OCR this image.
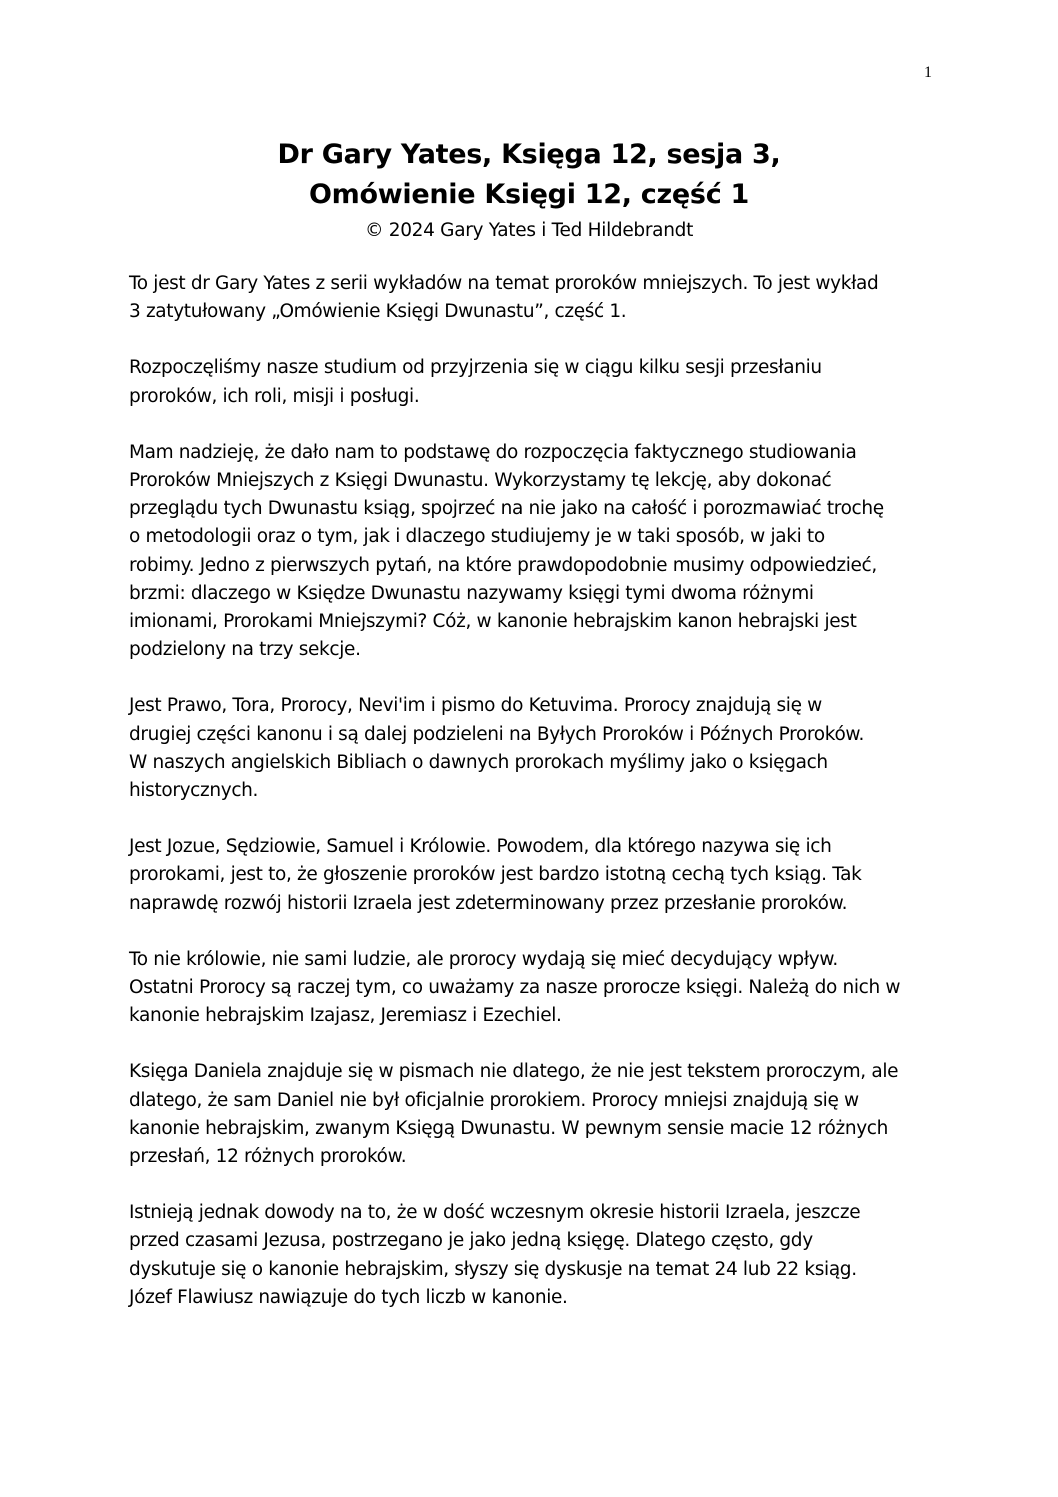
1
Dr Gary Yates, Księga 12, sesja 3,
Omówienie Księgi 12, część 1
© 2024 Gary Yates i Ted Hildebrandt

To jest dr Gary Yates z serii wykładów na temat proroków mniejszych. To jest wykład
3 zatytułowany „Omówienie Księgi Dwunastu”, część 1.

Rozpoczęliśmy nasze studium od przyjrzenia się w ciągu kilku sesji przesłaniu
proroków, ich roli, misji i posługi.

Mam nadzieję, że dało nam to podstawę do rozpoczęcia faktycznego studiowania
Proroków Mniejszych z Księgi Dwunastu. Wykorzystamy tę lekcję, aby dokonać
przeglądu tych Dwunastu ksiąg, spojrzeć na nie jako na całość i porozmawiać trochę
o metodologii oraz o tym, jak i dlaczego studiujemy je w taki sposób, w jaki to
robimy. Jedno z pierwszych pytań, na które prawdopodobnie musimy odpowiedzieć,
brzmi: dlaczego w Księdze Dwunastu nazywamy księgi tymi dwoma różnymi
imionami, Prorokami Mniejszymi? Cóż, w kanonie hebrajskim kanon hebrajski jest
podzielony na trzy sekcje.

Jest Prawo, Tora, Prorocy, Nevi'im i pismo do Ketuvima. Prorocy znajdują się w
drugiej części kanonu i są dalej podzieleni na Byłych Proroków i Późnych Proroków.
W naszych angielskich Bibliach o dawnych prorokach myślimy jako o księgach
historycznych.

Jest Jozue, Sędziowie, Samuel i Królowie. Powodem, dla którego nazywa się ich
prorokami, jest to, że głoszenie proroków jest bardzo istotną cechą tych ksiąg. Tak
naprawdę rozwój historii Izraela jest zdeterminowany przez przesłanie proroków.

To nie królowie, nie sami ludzie, ale prorocy wydają się mieć decydujący wpływ.
Ostatni Prorocy są raczej tym, co uważamy za nasze prorocze księgi. Należą do nich w
kanonie hebrajskim Izajasz, Jeremiasz i Ezechiel.

Księga Daniela znajduje się w pismach nie dlatego, że nie jest tekstem proroczym, ale
dlatego, że sam Daniel nie był oficjalnie prorokiem. Prorocy mniejsi znajdują się w
kanonie hebrajskim, zwanym Księgą Dwunastu. W pewnym sensie macie 12 różnych
przesłań, 12 różnych proroków.

Istnieją jednak dowody na to, że w dość wczesnym okresie historii Izraela, jeszcze
przed czasami Jezusa, postrzegano je jako jedną księgę. Dlatego często, gdy
dyskutuje się o kanonie hebrajskim, słyszy się dyskusje na temat 24 lub 22 ksiąg.
Józef Flawiusz nawiązuje do tych liczb w kanonie.
